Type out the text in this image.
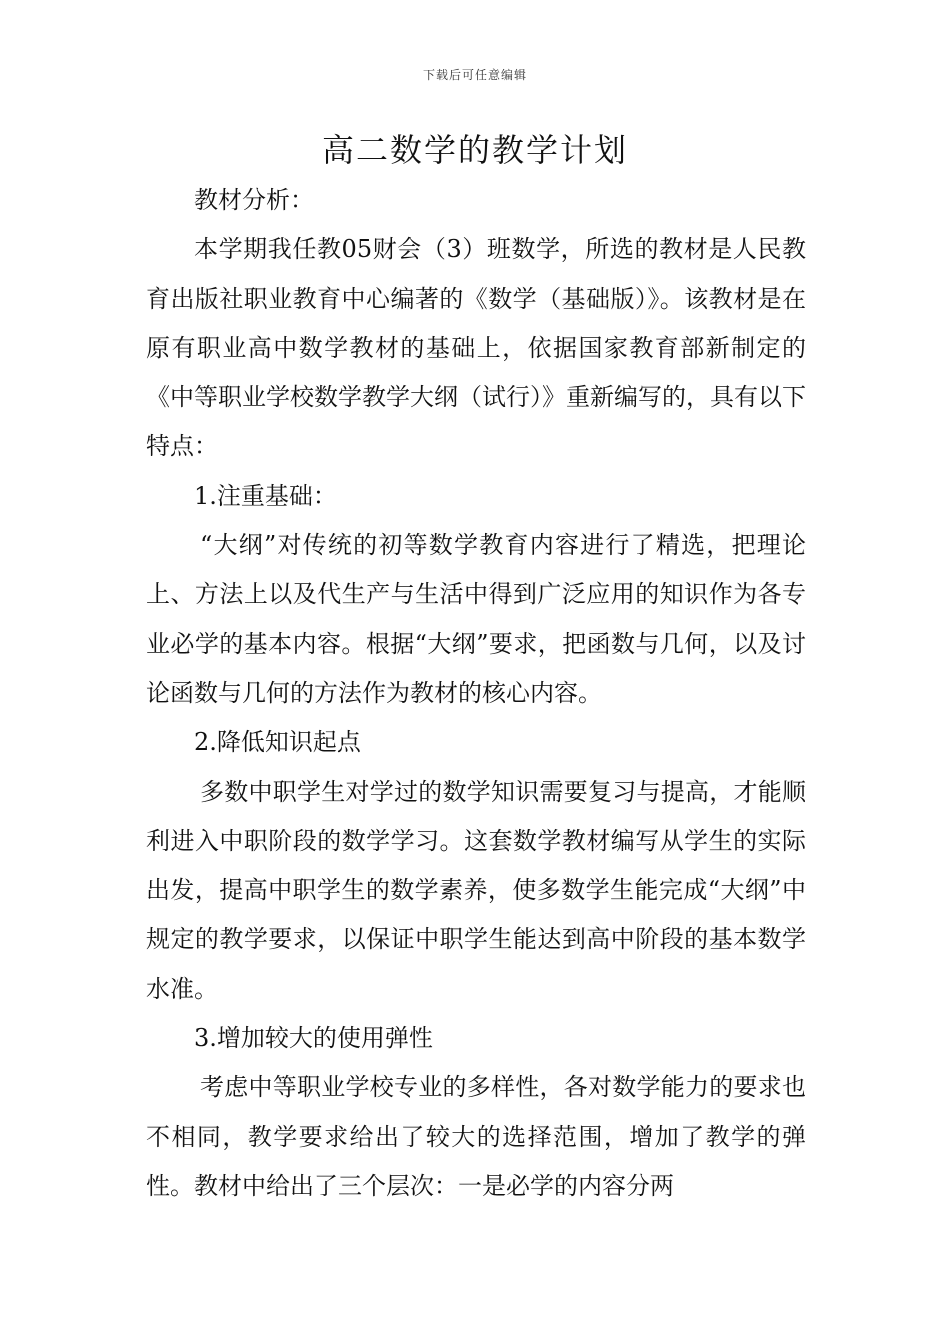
下载后可任意编辑
高二数学的教学计划

教材分析：

本学期我任教05财会（3）班数学，所选的教材是人民教育出版社职业教育中心编著的《数学（基础版）》。该教材是在原有职业高中数学教材的基础上，依据国家教育部新制定的《中等职业学校数学教学大纲（试行）》重新编写的，具有以下特点：

1.注重基础：

“大纲”对传统的初等数学教育内容进行了精选，把理论上、方法上以及代生产与生活中得到广泛应用的知识作为各专业必学的基本内容。根据“大纲”要求，把函数与几何，以及讨论函数与几何的方法作为教材的核心内容。

2.降低知识起点

多数中职学生对学过的数学知识需要复习与提高，才能顺利进入中职阶段的数学学习。这套数学教材编写从学生的实际出发，提高中职学生的数学素养，使多数学生能完成“大纲”中规定的教学要求，以保证中职学生能达到高中阶段的基本数学水准。

3.增加较大的使用弹性

考虑中等职业学校专业的多样性，各对数学能力的要求也不相同，教学要求给出了较大的选择范围，增加了教学的弹性。教材中给出了三个层次：一是必学的内容分两
